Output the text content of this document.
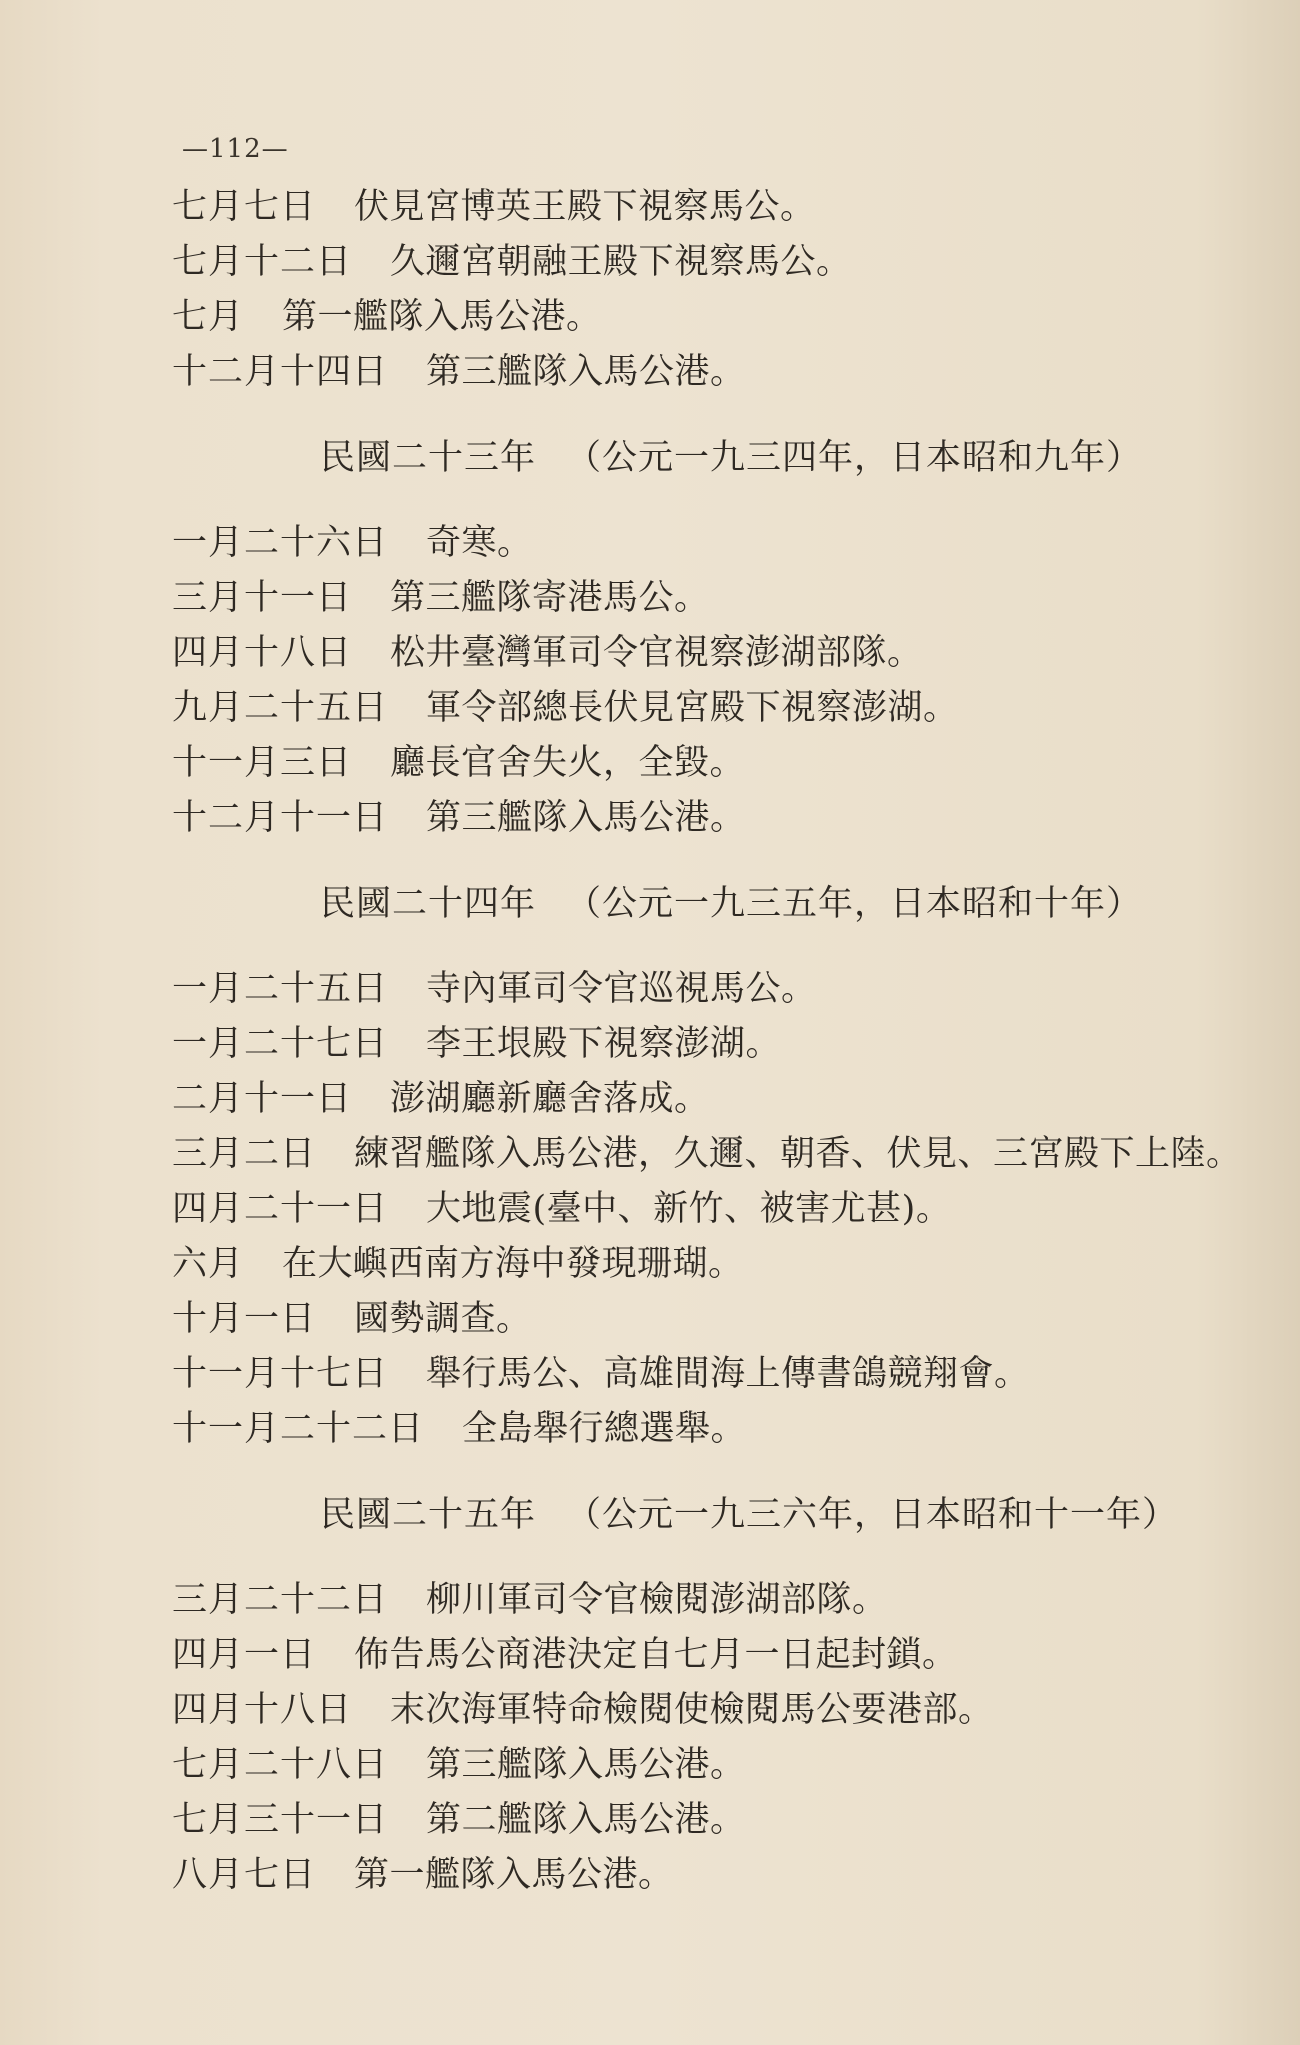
—112—
七月七日 伏見宮博英王殿下視察馬公。
七月十二日 久邇宮朝融王殿下視察馬公。
七月 第一艦隊入馬公港。
十二月十四日 第三艦隊入馬公港。
民國二十三年 （公元一九三四年，日本昭和九年）
一月二十六日 奇寒。
三月十一日 第三艦隊寄港馬公。
四月十八日 松井臺灣軍司令官視察澎湖部隊。
九月二十五日 軍令部總長伏見宮殿下視察澎湖。
十一月三日 廳長官舍失火，全毀。
十二月十一日 第三艦隊入馬公港。
民國二十四年 （公元一九三五年，日本昭和十年）
一月二十五日 寺內軍司令官巡視馬公。
一月二十七日 李王垠殿下視察澎湖。
二月十一日 澎湖廳新廳舍落成。
三月二日 練習艦隊入馬公港，久邇、朝香、伏見、三宮殿下上陸。
四月二十一日 大地震(臺中、新竹、被害尤甚)。
六月 在大嶼西南方海中發現珊瑚。
十月一日 國勢調查。
十一月十七日 舉行馬公、高雄間海上傳書鴿競翔會。
十一月二十二日 全島舉行總選舉。
民國二十五年 （公元一九三六年，日本昭和十一年）
三月二十二日 柳川軍司令官檢閱澎湖部隊。
四月一日 佈告馬公商港決定自七月一日起封鎖。
四月十八日 末次海軍特命檢閱使檢閱馬公要港部。
七月二十八日 第三艦隊入馬公港。
七月三十一日 第二艦隊入馬公港。
八月七日 第一艦隊入馬公港。
